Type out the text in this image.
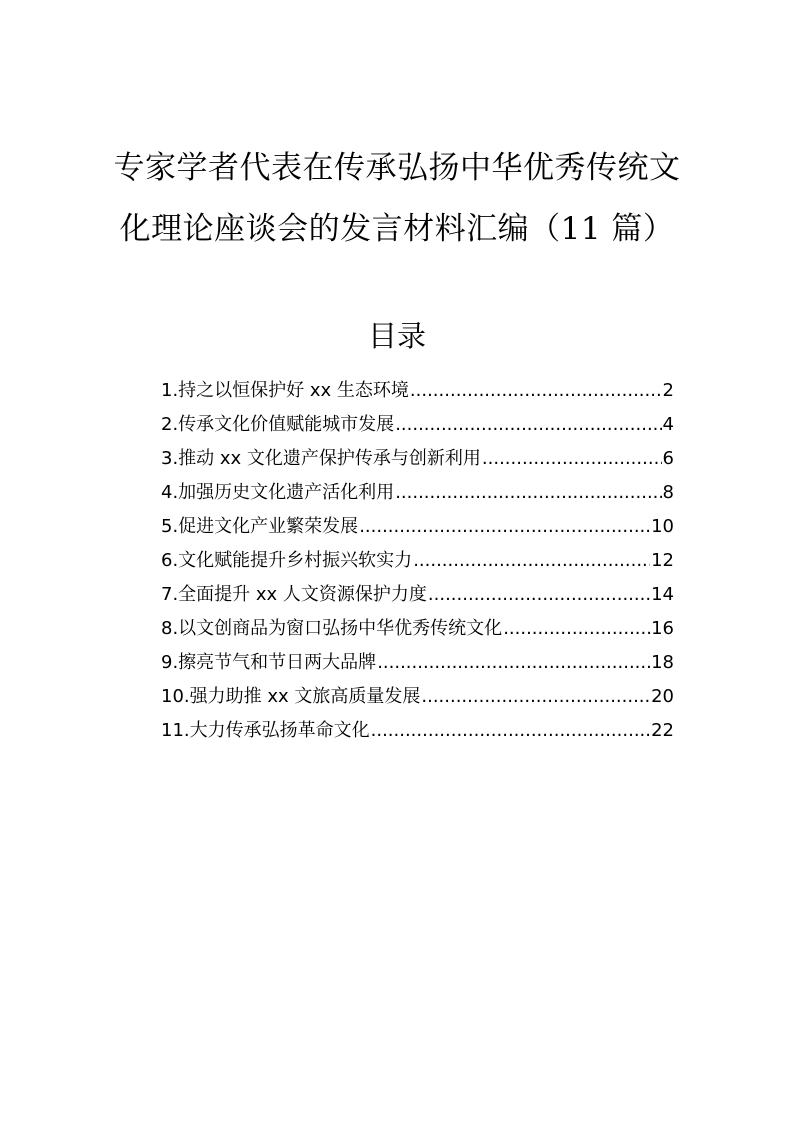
专家学者代表在传承弘扬中华优秀传统文
化理论座谈会的发言材料汇编（11 篇）
目录
1.持之以恒保护好 xx 生态环境 .....	2
2.传承文化价值赋能城市发展 .....	4
3.推动 xx 文化遗产保护传承与创新利用 .....	6
4.加强历史文化遗产活化利用 .....	8
5.促进文化产业繁荣发展 .....	10
6.文化赋能提升乡村振兴软实力 .....	12
7.全面提升 xx 人文资源保护力度 .....	14
8.以文创商品为窗口弘扬中华优秀传统文化 .....	16
9.擦亮节气和节日两大品牌 .....	18
10.强力助推 xx 文旅高质量发展 .....	20
11.大力传承弘扬革命文化 .....	22
